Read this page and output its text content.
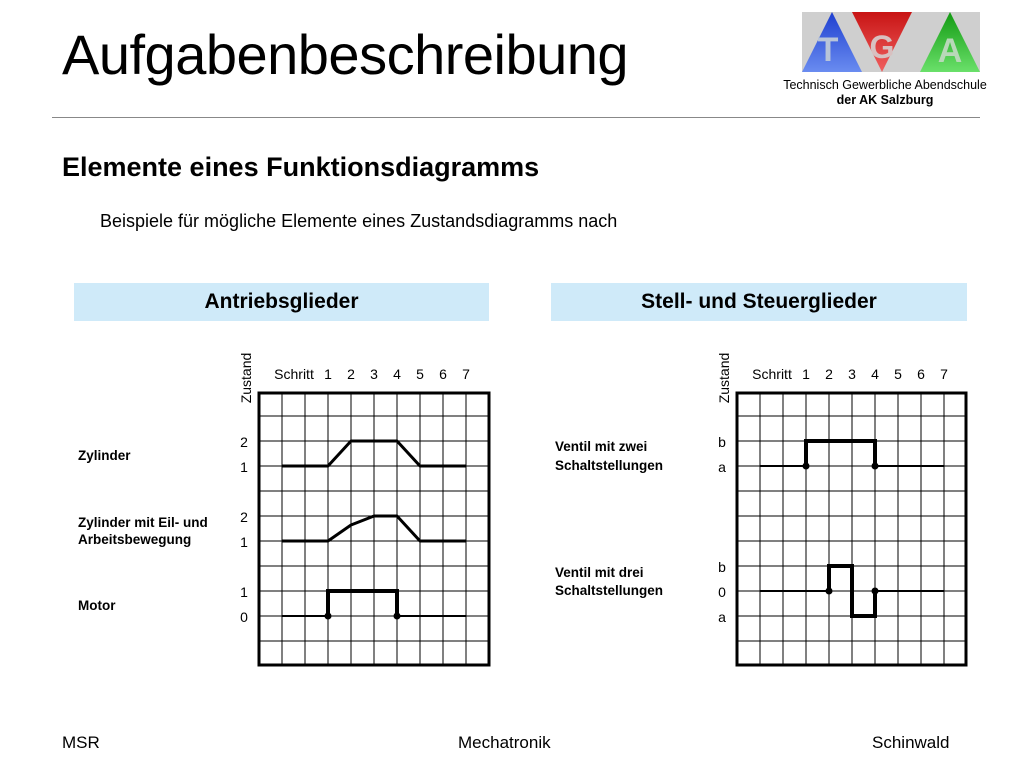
Aufgabenbeschreibung	T G A
Technisch Gewerbliche Abendschule
der AK Salzburg
Elemente eines Funktionsdiagramms
Beispiele für mögliche Elemente eines Zustandsdiagramms nach
Antriebsglieder	Stell- und Steuerglieder
Zustand Schritt 1 2 3 4 5 6 7
Zylinder
2
1
Zylinder mit Eil- und
Arbeitsbewegung
2
1
Motor
1
0
Zustand Schritt 1 2 3 4 5 6 7
Ventil mit zwei
Schaltstellungen
b
a
Ventil mit drei
Schaltstellungen
b
0
a
MSR	Mechatronik	Schinwald
